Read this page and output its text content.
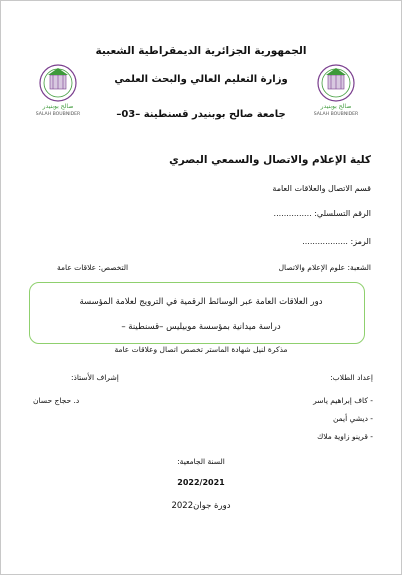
صالح بوبنيدر
SALAH BOUBNIDER
صالح بوبنيدر
SALAH BOUBNIDER
الجمهورية الجزائرية الديمقراطية الشعبية
وزارة التعليم العالي والبحث العلمي
جامعة صالح بوبنيدر قسنطينة –03–
كلية الإعلام والاتصال والسمعي البصري
قسم الاتصال والعلاقات العامة
الرقم التسلسلي: ...............
الرمز: ..................
الشعبة: علوم الإعلام والاتصال
التخصص: علاقات عامة
دور العلاقات العامة عبر الوسائط الرقمية في الترويج لعلامة المؤسسة
دراسة ميدانية بمؤسسة موبيليس –قسنطينة –
مذكرة لنيل شهادة الماستر تخصص اتصال وعلاقات عامة
إعداد الطلاب:
إشراف الأستاذ:
د. حجاج حسان	- كاف إبراهيم ياسر
- ديشي أيمن
- قرينو زاوية ملاك
السنة الجامعية:
2022/2021
دورة جوان2022
